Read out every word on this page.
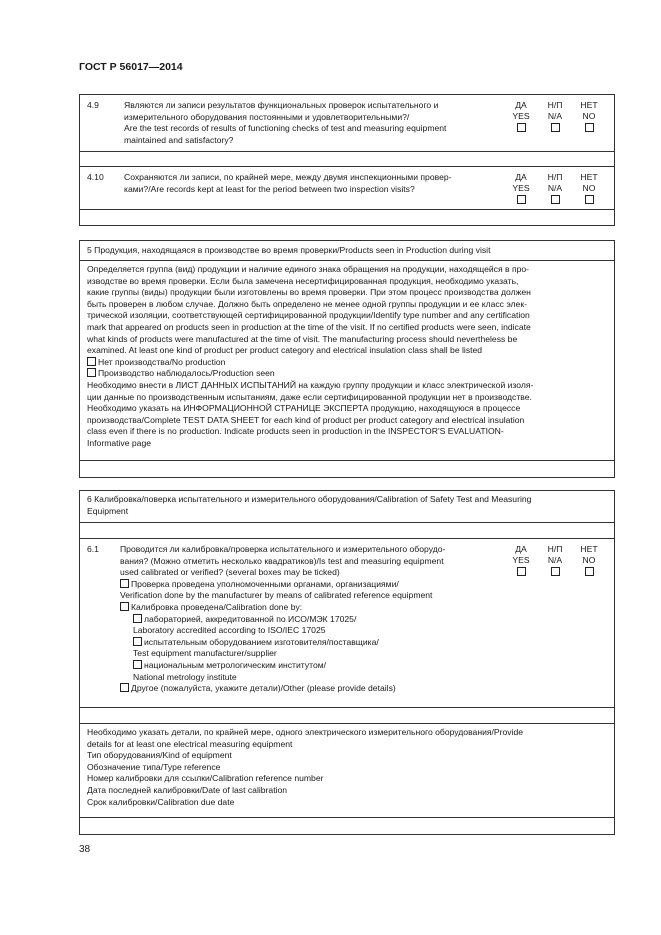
ГОСТ Р 56017—2014
4.9	Являются ли записи результатов функциональных проверок испытательного и
измерительного оборудования постоянными и удовлетворительными?/
Are the test records of results of functioning checks of test and measuring equipment
maintained and satisfactory?
ДА
YES
Н/П
N/A
НЕТ
NO
4.10 Сохраняются ли записи, по крайней мере, между двумя инспекционными провер-
ками?/Are records kept at least for the period between two inspection visits?
ДА
YES
Н/П
N/A
НЕТ
NO
5 Продукция, находящаяся в производстве во время проверки/Products seen in Production during visit
Определяется группа (вид) продукции и наличие единого знака обращения на продукции, находящейся в про-
изводстве во время проверки. Если была замечена несертифицированная продукция, необходимо указать,
какие группы (виды) продукции были изготовлены во время проверки. При этом процесс производства должен
быть проверен в любом случае. Должно быть определено не менее одной группы продукции и ее класс элек-
трической изоляции, соответствующей сертифицированной продукции/Identify type number and any certification
mark that appeared on products seen in production at the time of the visit. If no certified products were seen, indicate
what kinds of products were manufactured at the time of visit. The manufacturing process should nevertheless be
examined. At least one kind of product per product category and electrical insulation class shall be listed
Нет производства/No production
Производство наблюдалось/Production seen
Необходимо внести в ЛИСТ ДАННЫХ ИСПЫТАНИЙ на каждую группу продукции и класс электрической изоля-
ции данные по производственным испытаниям, даже если сертифицированной продукции нет в производстве.
Необходимо указать на ИНФОРМАЦИОННОЙ СТРАНИЦЕ ЭКСПЕРТА продукцию, находящуюся в процессе
производства/Complete TEST DATA SHEET for each kind of product per product category and electrical insulation
class even if there is no production. Indicate products seen in production in the INSPECTOR'S EVALUATION-
Informative page
6 Калибровка/поверка испытательного и измерительного оборудования/Calibration of Safety Test and Measuring
Equipment
6.1 Проводится ли калибровка/проверка испытательного и измерительного оборудо-
вания? (Можно отметить несколько квадратиков)/Is test and measuring equipment
used calibrated or verified? (several boxes may be ticked)
Проверка проведена уполномоченными органами, организациями/
Verification done by the manufacturer by means of calibrated reference equipment
Калибровка проведена/Calibration done by:
лабораторией, аккредитованной по ИСО/МЭК 17025/
Laboratory accredited according to ISO/IEC 17025
испытательным оборудованием изготовителя/поставщика/
Test equipment manufacturer/supplier
национальным метрологическим институтом/
National metrology institute
Другое (пожалуйста, укажите детали)/Other (please provide details)
ДА
YES
Н/П
N/A
НЕТ
NO
Необходимо указать детали, по крайней мере, одного электрического измерительного оборудования/Provide
details for at least one electrical measuring equipment
Тип оборудования/Kind of equipment
Обозначение типа/Type reference
Номер калибровки для ссылки/Calibration reference number
Дата последней калибровки/Date of last calibration
Срок калибровки/Calibration due date
38
